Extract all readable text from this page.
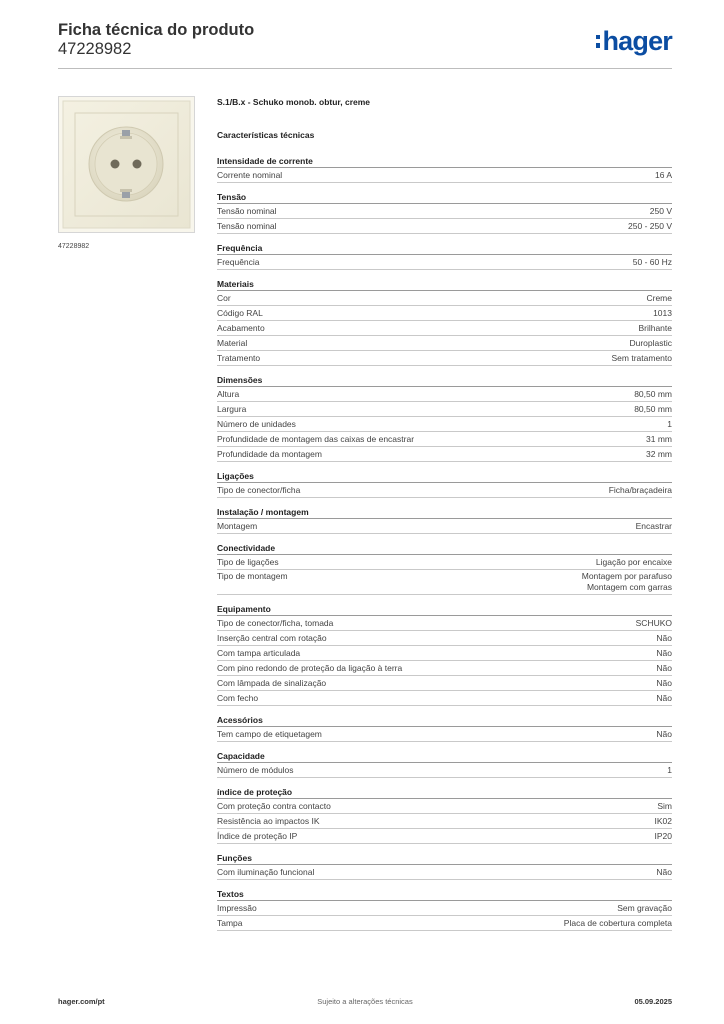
Ficha técnica do produto
47228982	hager
47228982
S.1/B.x - Schuko monob. obtur, creme
Características técnicas
Intensidade de corrente
Corrente nominal	16 A
Tensão
Tensão nominal	250 V
Tensão nominal	250 - 250 V
Frequência
Frequência	50 - 60 Hz
Materiais
Cor	Creme
Código RAL	1013
Acabamento	Brilhante
Material	Duroplastic
Tratamento	Sem tratamento
Dimensões
Altura	80,50 mm
Largura	80,50 mm
Número de unidades	1
Profundidade de montagem das caixas de encastrar	31 mm
Profundidade da montagem	32 mm
Ligações
Tipo de conector/ficha	Ficha/braçadeira
Instalação / montagem
Montagem	Encastrar
Conectividade
Tipo de ligações	Ligação por encaixe
Tipo de montagem	Montagem por parafuso
Montagem com garras
Equipamento
Tipo de conector/ficha, tomada	SCHUKO
Inserção central com rotação	Não
Com tampa articulada	Não
Com pino redondo de proteção da ligação à terra	Não
Com lâmpada de sinalização	Não
Com fecho	Não
Acessórios
Tem campo de etiquetagem	Não
Capacidade
Número de módulos	1
índice de proteção
Com proteção contra contacto	Sim
Resistência ao impactos IK	IK02
Índice de proteção IP	IP20
Funções
Com iluminação funcional	Não
Textos
Impressão	Sem gravação
Tampa	Placa de cobertura completa
Sujeito a alterações técnicas
hager.com/pt	05.09.2025
